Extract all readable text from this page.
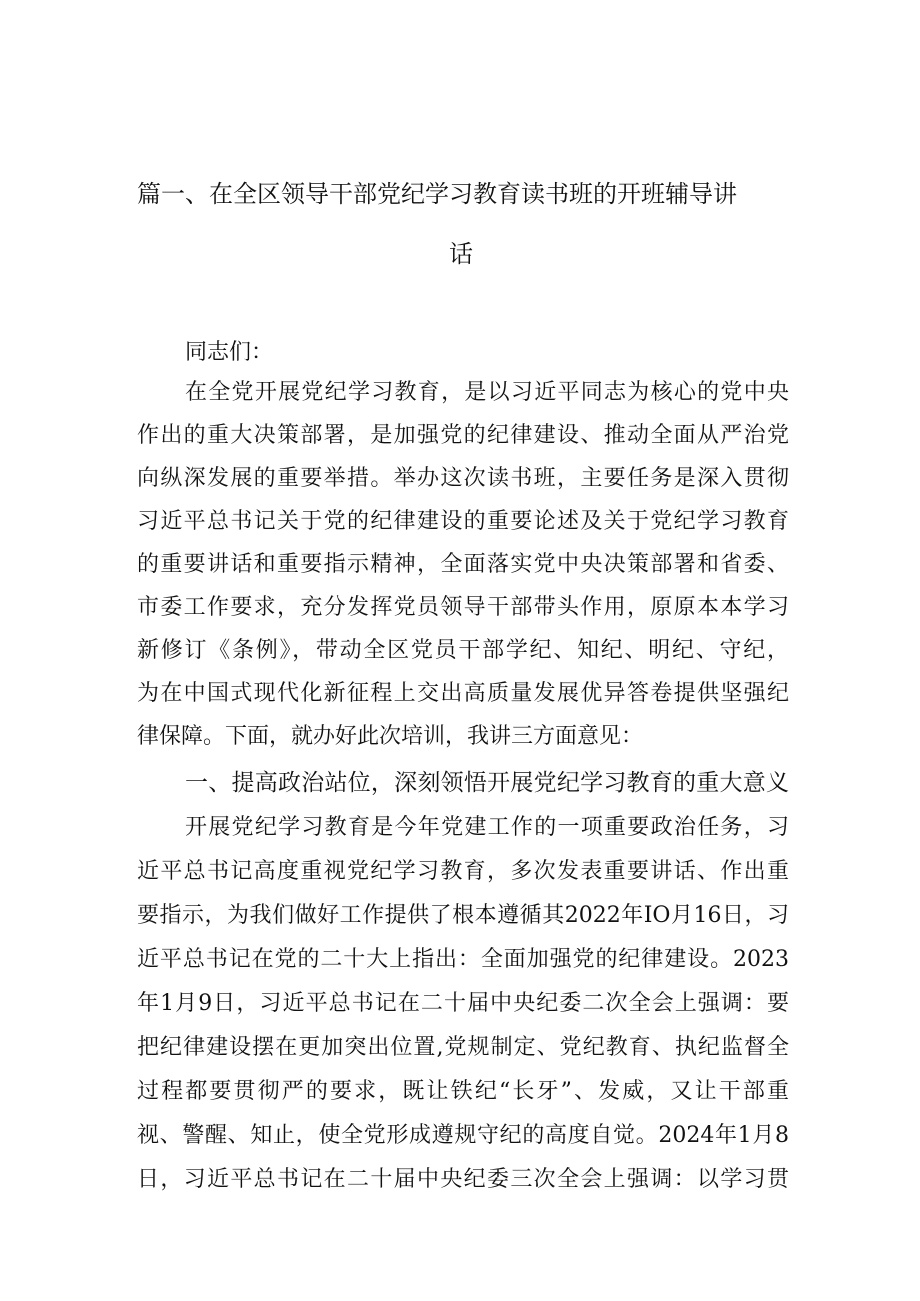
篇一、在全区领导干部党纪学习教育读书班的开班辅导讲
话
同志们：
在全党开展党纪学习教育，是以习近平同志为核心的党中央
作出的重大决策部署，是加强党的纪律建设、推动全面从严治党
向纵深发展的重要举措。举办这次读书班，主要任务是深入贯彻
习近平总书记关于党的纪律建设的重要论述及关于党纪学习教育
的重要讲话和重要指示精神，全面落实党中央决策部署和省委、
市委工作要求，充分发挥党员领导干部带头作用，原原本本学习
新修订《条例》，带动全区党员干部学纪、知纪、明纪、守纪，
为在中国式现代化新征程上交出高质量发展优异答卷提供坚强纪
律保障。下面，就办好此次培训，我讲三方面意见：
一、提高政治站位，深刻领悟开展党纪学习教育的重大意义
开展党纪学习教育是今年党建工作的一项重要政治任务，习
近平总书记高度重视党纪学习教育，多次发表重要讲话、作出重
要指示，为我们做好工作提供了根本遵循其2022年IO月16日，习
近平总书记在党的二十大上指出：全面加强党的纪律建设。2023
年1月9日，习近平总书记在二十届中央纪委二次全会上强调：要
把纪律建设摆在更加突出位置,党规制定、党纪教育、执纪监督全
过程都要贯彻严的要求，既让铁纪“长牙”、发威，又让干部重
视、警醒、知止，使全党形成遵规守纪的高度自觉。2024年1月8
日，习近平总书记在二十届中央纪委三次全会上强调：以学习贯
